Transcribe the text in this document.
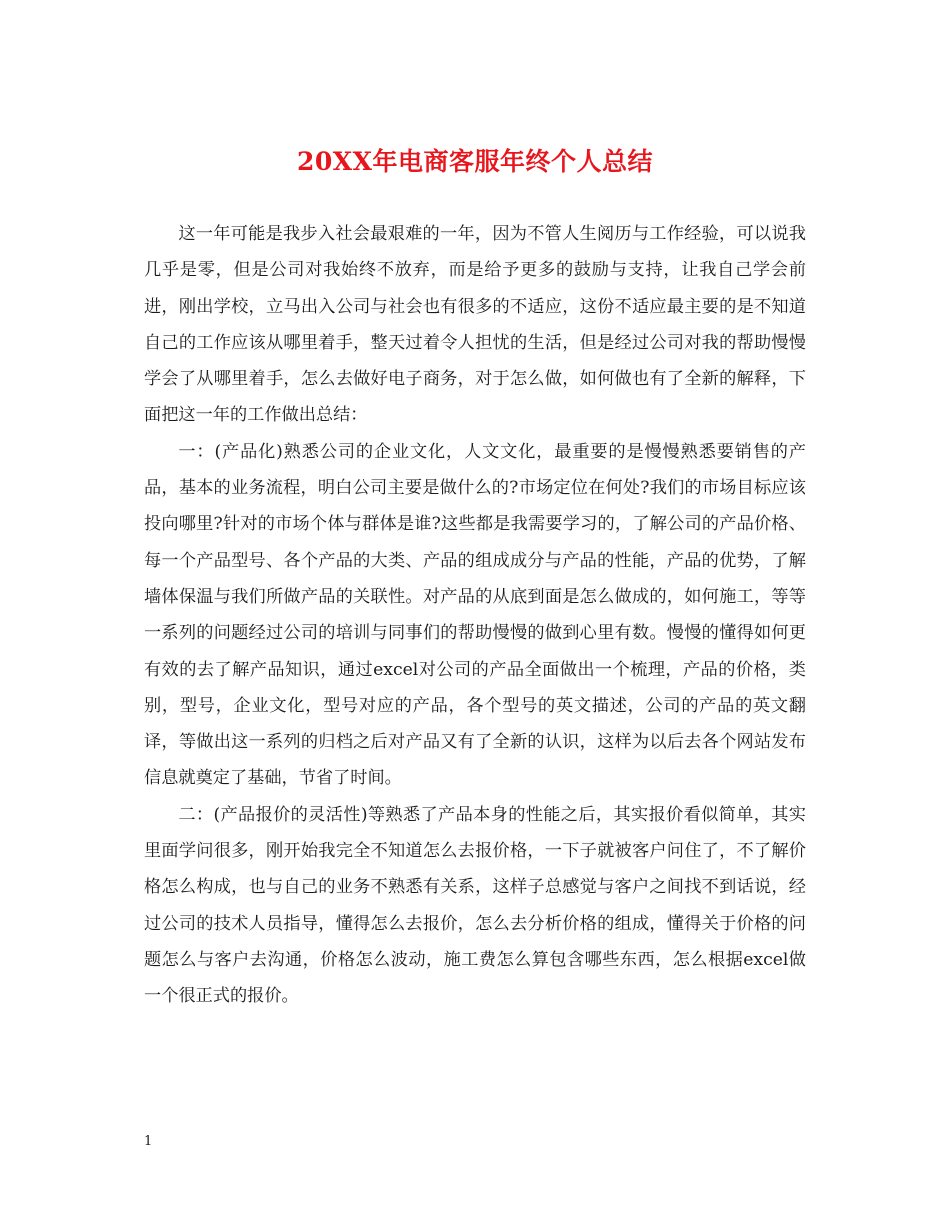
20XX年电商客服年终个人总结

这一年可能是我步入社会最艰难的一年，因为不管人生阅历与工作经验，可以说我几乎是零，但是公司对我始终不放弃，而是给予更多的鼓励与支持，让我自己学会前进，刚出学校，立马出入公司与社会也有很多的不适应，这份不适应最主要的是不知道自己的工作应该从哪里着手，整天过着令人担忧的生活，但是经过公司对我的帮助慢慢学会了从哪里着手，怎么去做好电子商务，对于怎么做，如何做也有了全新的解释，下面把这一年的工作做出总结：

一：(产品化)熟悉公司的企业文化，人文文化，最重要的是慢慢熟悉要销售的产品，基本的业务流程，明白公司主要是做什么的?市场定位在何处?我们的市场目标应该投向哪里?针对的市场个体与群体是谁?这些都是我需要学习的，了解公司的产品价格、每一个产品型号、各个产品的大类、产品的组成成分与产品的性能，产品的优势，了解墙体保温与我们所做产品的关联性。对产品的从底到面是怎么做成的，如何施工，等等一系列的问题经过公司的培训与同事们的帮助慢慢的做到心里有数。慢慢的懂得如何更有效的去了解产品知识，通过excel对公司的产品全面做出一个梳理，产品的价格，类别，型号，企业文化，型号对应的产品，各个型号的英文描述，公司的产品的英文翻译，等做出这一系列的归档之后对产品又有了全新的认识，这样为以后去各个网站发布信息就奠定了基础，节省了时间。

二：(产品报价的灵活性)等熟悉了产品本身的性能之后，其实报价看似简单，其实里面学问很多，刚开始我完全不知道怎么去报价格，一下子就被客户问住了，不了解价格怎么构成，也与自己的业务不熟悉有关系，这样子总感觉与客户之间找不到话说，经过公司的技术人员指导，懂得怎么去报价，怎么去分析价格的组成，懂得关于价格的问题怎么与客户去沟通，价格怎么波动，施工费怎么算包含哪些东西，怎么根据excel做一个很正式的报价。

1
